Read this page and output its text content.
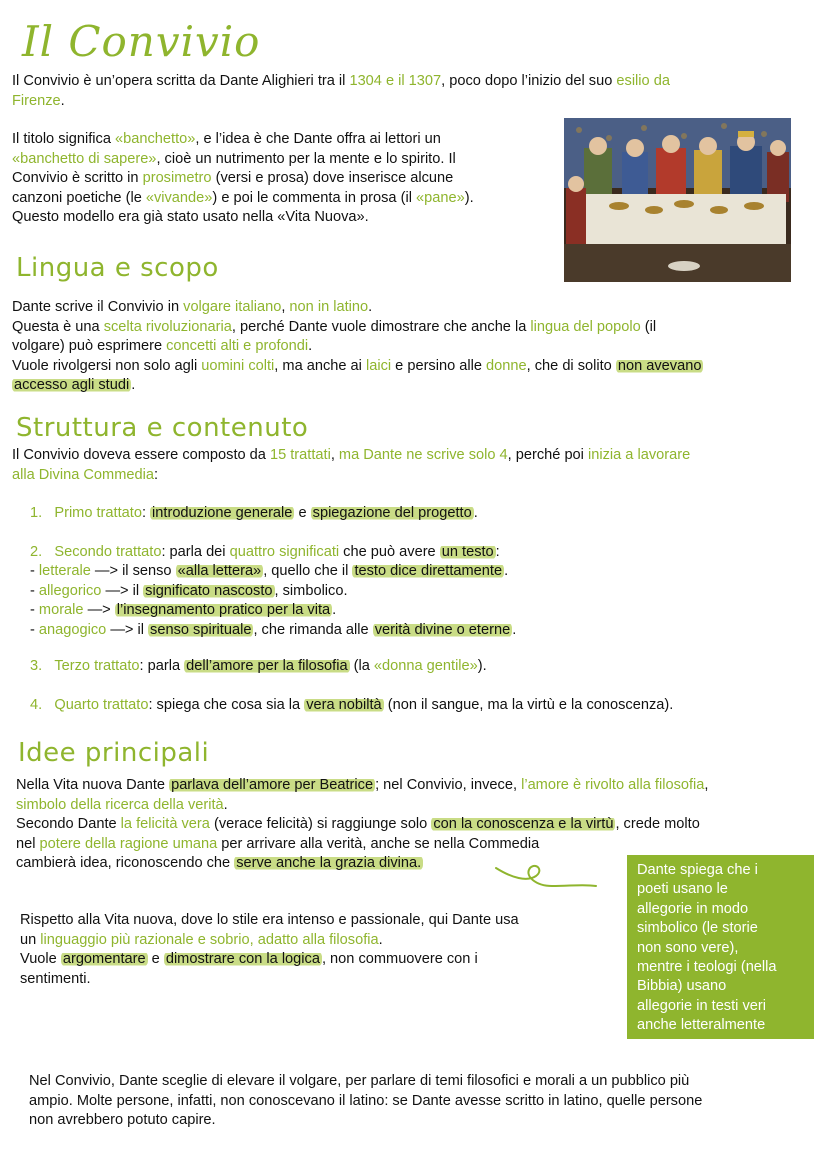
Il Convivio

Il Convivio è un’opera scritta da Dante Alighieri tra il 1304 e il 1307, poco dopo l’inizio del suo esilio da

Firenze.

Il titolo significa «banchetto», e l’idea è che Dante offra ai lettori un

«banchetto di sapere», cioè un nutrimento per la mente e lo spirito. Il

Convivio è scritto in prosimetro (versi e prosa) dove inserisce alcune

canzoni poetiche (le «vivande») e poi le commenta in prosa (il «pane»).

Questo modello era già stato usato nella «Vita Nuova».

Lingua e scopo

Dante scrive il Convivio in volgare italiano, non in latino.

Questa è una scelta rivoluzionaria, perché Dante vuole dimostrare che anche la lingua del popolo (il

volgare) può esprimere concetti alti e profondi.

Vuole rivolgersi non solo agli uomini colti, ma anche ai laici e persino alle donne, che di solito non avevano

accesso agli studi .

Struttura e contenuto

Il Convivio doveva essere composto da 15 trattati, ma Dante ne scrive solo 4, perché poi inizia a lavorare

alla Divina Commedia:

1. Primo trattato: introduzione generale e spiegazione del progetto .
2. Secondo trattato: parla dei quattro significati che può avere un testo :

- letterale —> il senso «alla lettera» , quello che il testo dice direttamente .

- allegorico —> il significato nascosto , simbolico.

- morale —> l’insegnamento pratico per la vita .

- anagogico —> il senso spirituale , che rimanda alle verità divine o eterne .

3. Terzo trattato: parla dell’amore per la filosofia (la «donna gentile»).
4. Quarto trattato: spiega che cosa sia la vera nobiltà (non il sangue, ma la virtù e la conoscenza).
Idee principali

Nella Vita nuova Dante parlava dell’amore per Beatrice ; nel Convivio, invece, l’amore è rivolto alla filosofia,

simbolo della ricerca della verità.

Secondo Dante la felicità vera (verace felicità) si raggiunge solo con la conoscenza e la virtù , crede molto

nel potere della ragione umana per arrivare alla verità, anche se nella Commedia

cambierà idea, riconoscendo che serve anche la grazia divina.

Rispetto alla Vita nuova, dove lo stile era intenso e passionale, qui Dante usa

un linguaggio più razionale e sobrio, adatto alla filosofia.

Vuole argomentare e dimostrare con la logica , non commuovere con i

sentimenti.

Dante spiega che i
poeti usano le
allegorie in modo
simbolico (le storie
non sono vere),
mentre i teologi (nella
Bibbia) usano
allegorie in testi veri
anche letteralmente

Nel Convivio, Dante sceglie di elevare il volgare, per parlare di temi filosofici e morali a un pubblico più

ampio. Molte persone, infatti, non conoscevano il latino: se Dante avesse scritto in latino, quelle persone

non avrebbero potuto capire.
